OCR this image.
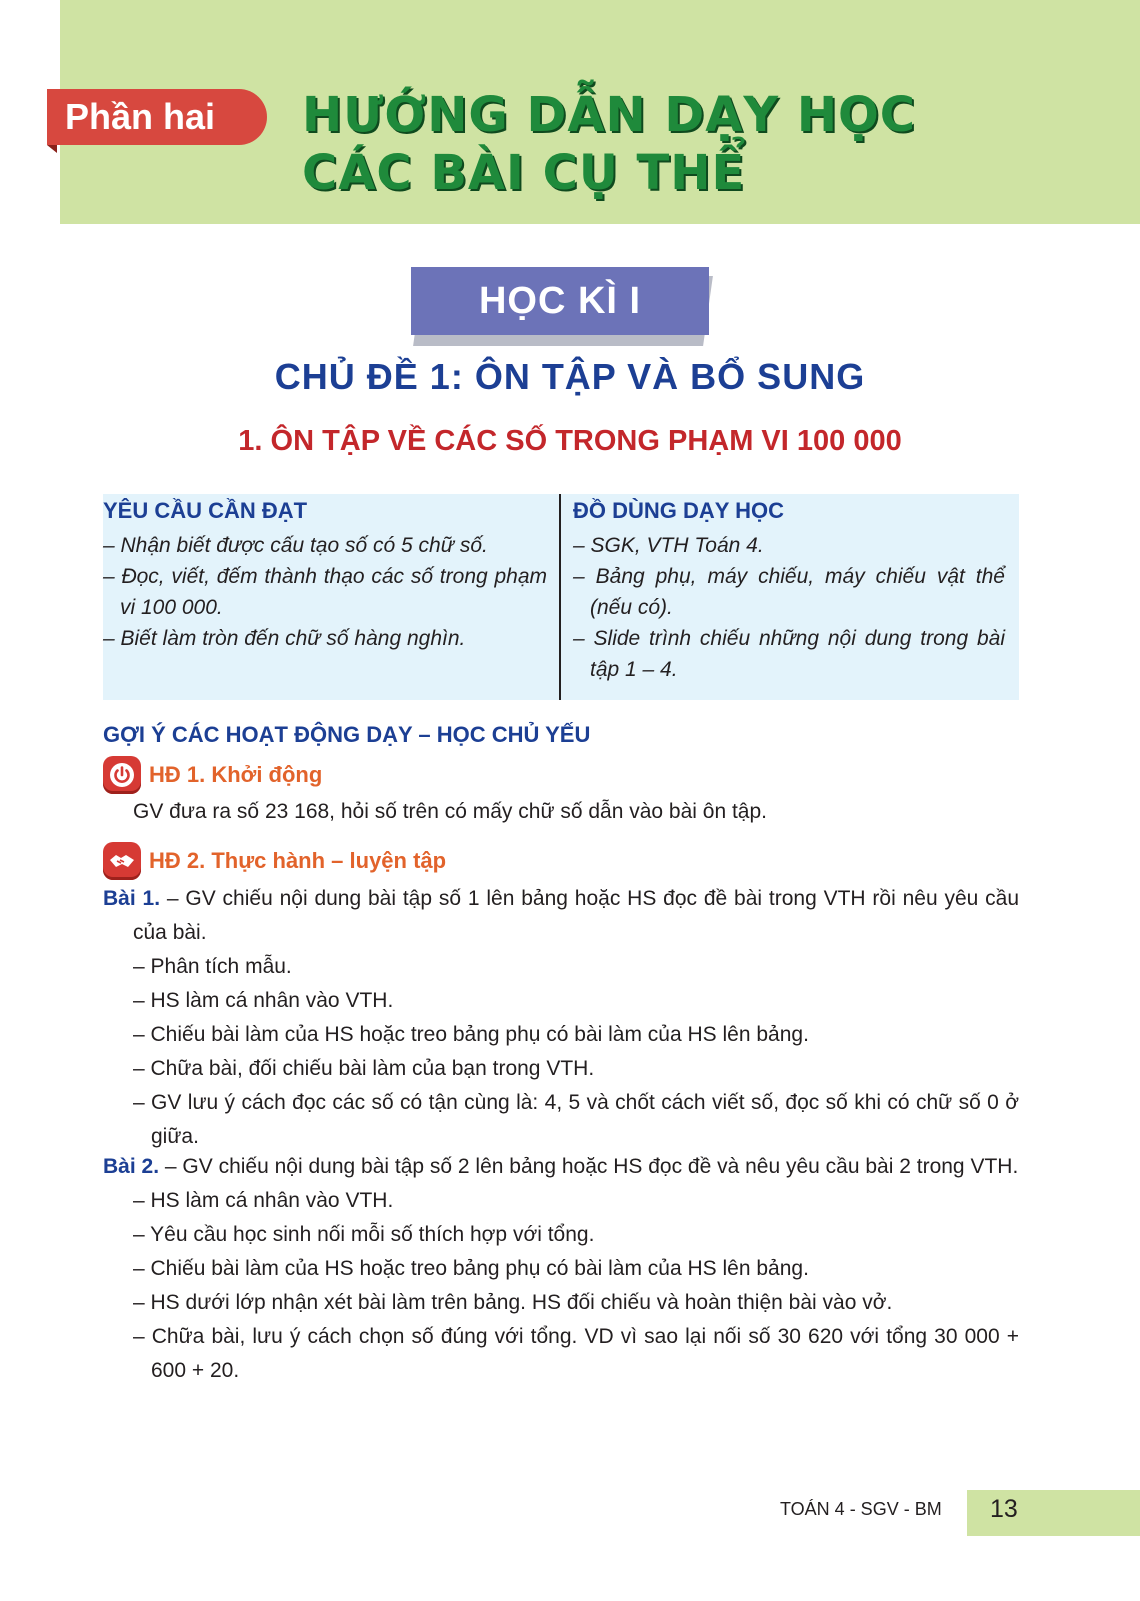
Phần hai	HƯỚNG DẪN DẠY HỌC
CÁC BÀI CỤ THỂ
HỌC KÌ I
CHỦ ĐỀ 1: ÔN TẬP VÀ BỔ SUNG
1. ÔN TẬP VỀ CÁC SỐ TRONG PHẠM VI 100 000

YÊU CẦU CẦN ĐẠT

– Nhận biết được cấu tạo số có 5 chữ số.
– Đọc, viết, đếm thành thạo các số trong phạm vi 100 000.
– Biết làm tròn đến chữ số hàng nghìn.

ĐỒ DÙNG DẠY HỌC

– SGK, VTH Toán 4.
– Bảng phụ, máy chiếu, máy chiếu vật thể (nếu có).
– Slide trình chiếu những nội dung trong bài tập 1 – 4.

GỢI Ý CÁC HOẠT ĐỘNG DẠY – HỌC CHỦ YẾU

HĐ 1. Khởi động

GV đưa ra số 23 168, hỏi số trên có mấy chữ số dẫn vào bài ôn tập.

HĐ 2. Thực hành – luyện tập
Bài 1. – GV chiếu nội dung bài tập số 1 lên bảng hoặc HS đọc đề bài trong VTH rồi nêu yêu cầu của bài.
– Phân tích mẫu.
– HS làm cá nhân vào VTH.
– Chiếu bài làm của HS hoặc treo bảng phụ có bài làm của HS lên bảng.
– Chữa bài, đối chiếu bài làm của bạn trong VTH.
– GV lưu ý cách đọc các số có tận cùng là: 4, 5 và chốt cách viết số, đọc số khi có chữ số 0 ở giữa.
Bài 2. – GV chiếu nội dung bài tập số 2 lên bảng hoặc HS đọc đề và nêu yêu cầu bài 2 trong VTH.
– HS làm cá nhân vào VTH.
– Yêu cầu học sinh nối mỗi số thích hợp với tổng.
– Chiếu bài làm của HS hoặc treo bảng phụ có bài làm của HS lên bảng.
– HS dưới lớp nhận xét bài làm trên bảng. HS đối chiếu và hoàn thiện bài vào vở.
– Chữa bài, lưu ý cách chọn số đúng với tổng. VD vì sao lại nối số 30 620 với tổng 30 000 + 600 + 20.
TOÁN 4 - SGV - BM 13
